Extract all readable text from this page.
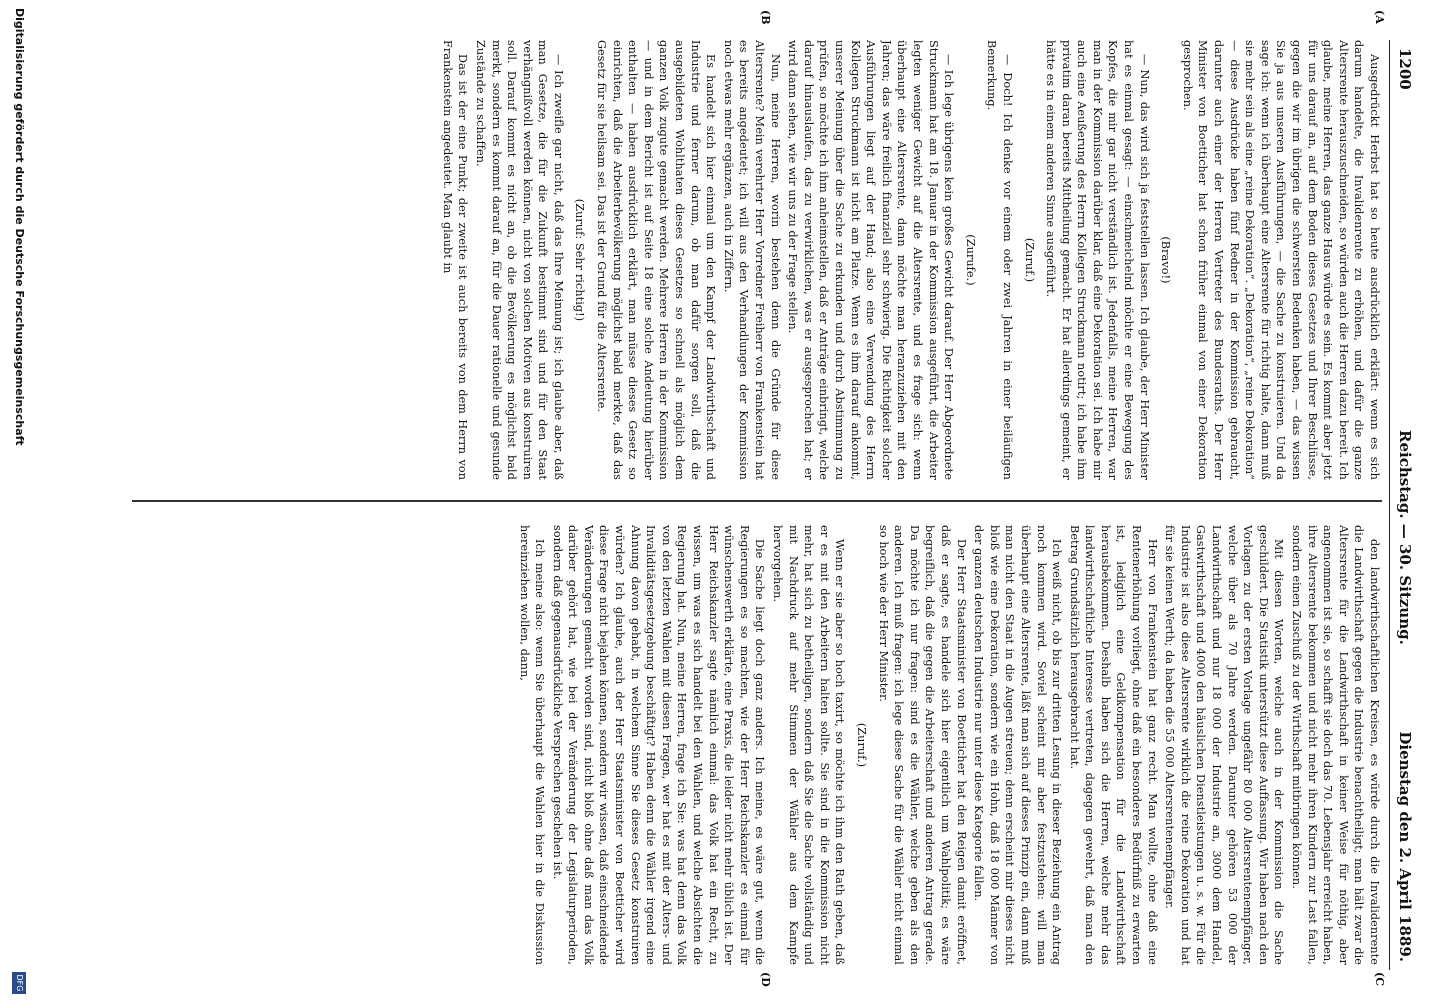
1200
Reichstag. — 30. Sitzung.
Dienstag den 2. April 1889.
(A
(B
(C
(D

Ausgedrückt Herbst hat so heute ausdrücklich erklärt: wenn es sich darum handelte, die Invalidenrente zu erhöhen, und dafür die ganze Altersrente herauszuschneiden, so würden auch die Herren dazu bereit. Ich glaube, meine Herren, das ganze Haus würde es sein. Es kommt aber jetzt für uns darauf an, auf dem Boden dieses Gesetzes und Ihrer Beschlüsse, gegen die wir im übrigen die schwersten Bedenken haben, — das wissen Sie ja aus unseren Ausführungen, — die Sache zu konstruieren. Und da sage ich: wenn ich überhaupt eine Altersrente für richtig halte, dann muß sie mehr sein als eine „reine Dekoration“. „Dekoration“, „reine Dekoration“ — diese Ausdrücke haben fünf Redner in der Kommission gebraucht, darunter auch einer der Herren Vertreter des Bundesraths. Der Herr Minister von Boetticher hat schon früher einmal von einer Dekoration gesprochen.

(Bravo!)

— Nun, das wird sich ja feststellen lassen. Ich glaube, der Herr Minister hat es einmal gesagt: — einschmeichelnd möchte er eine Bewegung des Kopfes, die mir gar nicht verständlich ist. Jedenfalls, meine Herren, war man in der Kommission darüber klar, daß eine Dekoration sei. Ich habe mir auch eine Aeußerung des Herrn Kollegen Struckmann notirt; ich habe ihm privatim daran bereits Mittheilung gemacht. Er hat allerdings gemeint, er hätte es in einem anderen Sinne ausgeführt.

(Zuruf.)

— Doch! Ich denke vor einem oder zwei Jahren in einer beiläufigen Bemerkung.

(Zurufe.)

— Ich lege übrigens kein großes Gewicht darauf. Der Herr Abgeordnete Struckmann hat am 18. Januar in der Kommission ausgeführt, die Arbeiter legten weniger Gewicht auf die Altersrente, und es frage sich: wenn überhaupt eine Altersrente, dann möchte man heranzuziehen mit den Jahren; das wäre freilich finanziell sehr schwierig. Die Richtigkeit solcher Ausführungen liegt auf der Hand; also eine Verwendung des Herrn Kollegen Struckmann ist nicht am Platze. Wenn es ihm darauf ankommt, unserer Meinung über die Sache zu erkunden und durch Abstimmung zu prüfen, so möchte ich ihm anheimstellen, daß er Anträge einbringt, welche darauf hinauslaufen, das zu verwirklichen, was er ausgesprochen hat; er wird dann sehen, wie wir uns zu der Frage stellen.

Nun, meine Herren, worin bestehen denn die Gründe für diese Altersrente? Mein verehrter Herr Vorredner Freiherr von Frankenstein hat es bereits angedeutet; ich will aus den Verhandlungen der Kommission noch etwas mehr ergänzen, auch in Ziffern.

Es handelt sich hier einmal um den Kampf der Landwirthschaft und Industrie und ferner darum, ob man dafür sorgen soll, daß die ausgebildeten Wohlthaten dieses Gesetzes so schnell als möglich dem ganzen Volk zugute gemacht werden. Mehrere Herren in der Kommission — und in dem Bericht ist auf Seite 18 eine solche Andeutung hierüber enthalten — haben ausdrücklich erklärt, man müsse dieses Gesetz so einrichten, daß die Arbeiterbevölkerung möglichst bald merkte, daß das Gesetz für sie heilsam sei. Das ist der Grund für die Altersrente.

(Zuruf: Sehr richtig!)

— Ich zweifle gar nicht, daß das Ihre Meinung ist; ich glaube aber, daß man Gesetze, die für die Zukunft bestimmt sind und für den Staat verhängnißvoll werden können, nicht von solchen Motiven aus konstruiren soll. Darauf kommt es nicht an, ob die Bevölkerung es möglichst bald merkt, sondern es kommt darauf an, für die Dauer rationelle und gesunde Zustände zu schaffen.

Das ist der eine Punkt; der zweite ist auch bereits von dem Herrn von Frankenstein angedeutet. Man glaubt in

den landwirthschaftlichen Kreisen, es würde durch die Invalidenrente die Landwirthschaft gegen die Industrie benachtheiligt; man hält zwar die Altersrente für die Landwirthschaft in keiner Weise für nöthig, aber angenommen ist sie, so schafft sie doch das 70. Lebensjahr erreicht haben, ihre Altersrente bekommen und nicht mehr ihren Kindern zur Last fallen, sondern einen Zuschuß zu der Wirthschaft mitbringen können.

Mit diesen Worten, welche auch in der Kommission die Sache geschildert. Die Statistik unterstützt diese Auffassung. Wir haben nach den Vorlagen zu der ersten Vorlage ungefähr 80 000 Altersrentenempfänger, welche über als 70 Jahre werden. Darunter gehören 53 000 der Landwirthschaft und nur 18 000 der Industrie an, 3000 dem Handel, Gastwirthschaft und 4000 den häuslichen Dienstleistungen u. s. w. Für die Industrie ist also diese Altersrente wirklich die reine Dekoration und hat für sie keinen Werth; da haben die 55 000 Altersrentenempfänger.

Herr von Frankenstein hat ganz recht. Man wollte, ohne daß eine Rentenerhöhung vorliegt, ohne daß ein besonderes Bedürfniß zu erwarten ist, lediglich eine Geldkompensation für die Landwirthschaft herausbekommen. Deshalb haben sich die Herren, welche mehr das landwirthschaftliche Interesse vertreten, dagegen gewehrt, daß man den Betrag Grundsätzlich herausgebracht hat.

Ich weiß nicht, ob bis zur dritten Lesung in dieser Beziehung ein Antrag noch kommen wird. Soviel scheint mir aber festzustehen: will man überhaupt eine Altersrente, läßt man sich auf dieses Prinzip ein, dann muß man nicht den Staat in die Augen streuen; denn erscheint mir dieses nicht bloß wie eine Dekoration, sondern wie ein Hohn, daß 18 000 Männer von der ganzen deutschen Industrie nur unter diese Kategorie fallen.

Der Herr Staatsminister von Boetticher hat den Reigen damit eröffnet, daß er sagte, es handele sich hier eigentlich um Wahlpolitik; es wäre begreiflich, daß die gegen die Arbeiterschaft und anderen Antrag gerade. Da möchte ich nur fragen: sind es die Wähler, welche geben als den anderen. Ich muß fragen: ich lege diese Sache für die Wähler nicht einmal so hoch wie der Herr Minister.

(Zuruf.)

Wenn er sie aber so hoch taxirt, so möchte ich ihm den Rath geben, daß er es mit den Arbeitern halten sollte. Sie sind in die Kommission nicht mehr, hat sich zu betheiligen, sondern daß Sie die Sache vollständig und mit Nachdruck auf mehr Stimmen der Wähler aus dem Kampfe hervorgehen.

Die Sache liegt doch ganz anders. Ich meine, es wäre gut, wenn die Regierungen es so machten, wie der Herr Reichskanzler es einmal für wünschenswerth erklärte, eine Praxis, die leider nicht mehr üblich ist. Der Herr Reichskanzler sagte nämlich einmal: das Volk hat ein Recht, zu wissen, um was es sich handelt bei den Wahlen, und welche Absichten die Regierung hat. Nun, meine Herren, frage ich Sie: was hat denn das Volk von den letzten Wahlen mit diesen Fragen, wer hat es mit der Alters- und Invaliditätsgesetzgebung beschäftigt? Haben denn die Wähler irgend eine Ahnung davon gehabt, in welchem Sinne Sie dieses Gesetz konstruiren würden? Ich glaube, auch der Herr Staatsminister von Boetticher wird diese Frage nicht bejahen können, sondern wir wissen, daß einschneidende Veränderungen gemacht worden sind, nicht bloß ohne daß man das Volk darüber gehört hat, wie bei der Veränderung der Legislaturperioden, sondern daß gegenausdrückliche Versprechen geschehen ist.

Ich meine also: wenn Sie überhaupt die Wahlen hier in die Diskussion hereinziehen wollen, dann,

Digitalisierung gefördert durch die Deutsche Forschungsgemeinschaft
DFG
